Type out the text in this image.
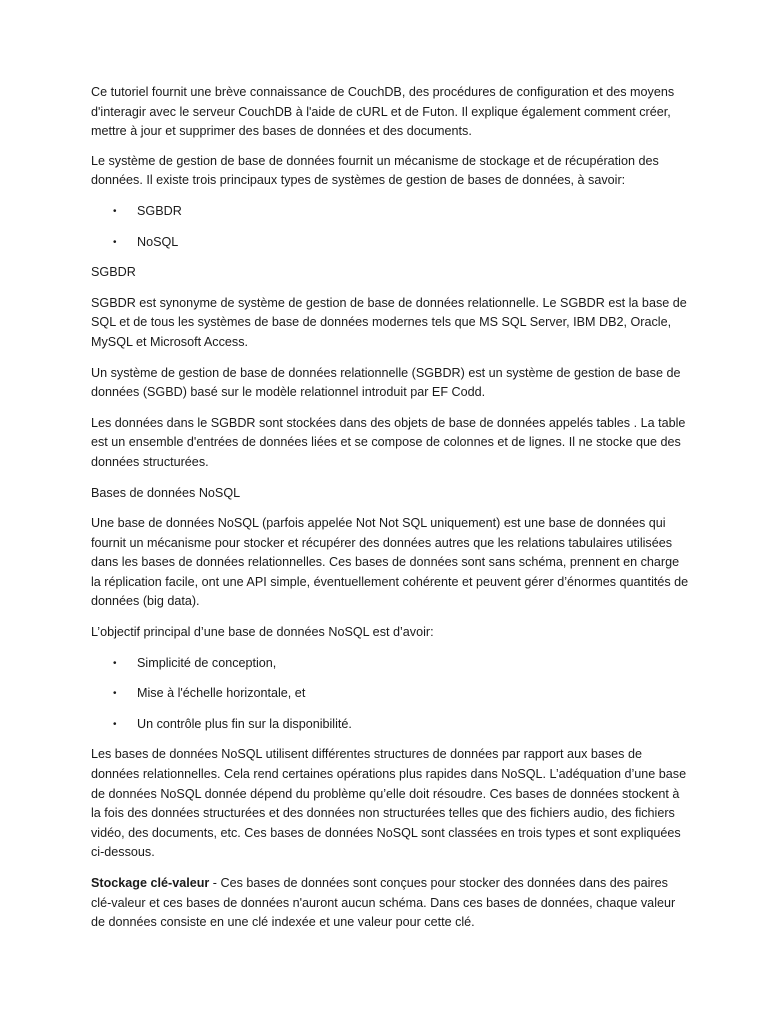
Ce tutoriel fournit une brève connaissance de CouchDB, des procédures de configuration et des moyens d'interagir avec le serveur CouchDB à l'aide de cURL et de Futon. Il explique également comment créer, mettre à jour et supprimer des bases de données et des documents.

Le système de gestion de base de données fournit un mécanisme de stockage et de récupération des données. Il existe trois principaux types de systèmes de gestion de bases de données, à savoir:

• SGBDR
• NoSQL

SGBDR

SGBDR est synonyme de système de gestion de base de données relationnelle. Le SGBDR est la base de SQL et de tous les systèmes de base de données modernes tels que MS SQL Server, IBM DB2, Oracle, MySQL et Microsoft Access.

Un système de gestion de base de données relationnelle (SGBDR) est un système de gestion de base de données (SGBD) basé sur le modèle relationnel introduit par EF Codd.

Les données dans le SGBDR sont stockées dans des objets de base de données appelés tables . La table est un ensemble d'entrées de données liées et se compose de colonnes et de lignes. Il ne stocke que des données structurées.

Bases de données NoSQL

Une base de données NoSQL (parfois appelée Not Not SQL uniquement) est une base de données qui fournit un mécanisme pour stocker et récupérer des données autres que les relations tabulaires utilisées dans les bases de données relationnelles. Ces bases de données sont sans schéma, prennent en charge la réplication facile, ont une API simple, éventuellement cohérente et peuvent gérer d’énormes quantités de données (big data).

L’objectif principal d’une base de données NoSQL est d’avoir:

• Simplicité de conception,
• Mise à l'échelle horizontale, et
• Un contrôle plus fin sur la disponibilité.

Les bases de données NoSQL utilisent différentes structures de données par rapport aux bases de données relationnelles. Cela rend certaines opérations plus rapides dans NoSQL. L’adéquation d’une base de données NoSQL donnée dépend du problème qu’elle doit résoudre. Ces bases de données stockent à la fois des données structurées et des données non structurées telles que des fichiers audio, des fichiers vidéo, des documents, etc. Ces bases de données NoSQL sont classées en trois types et sont expliquées ci-dessous.

Stockage clé-valeur - Ces bases de données sont conçues pour stocker des données dans des paires clé-valeur et ces bases de données n'auront aucun schéma. Dans ces bases de données, chaque valeur de données consiste en une clé indexée et une valeur pour cette clé.
